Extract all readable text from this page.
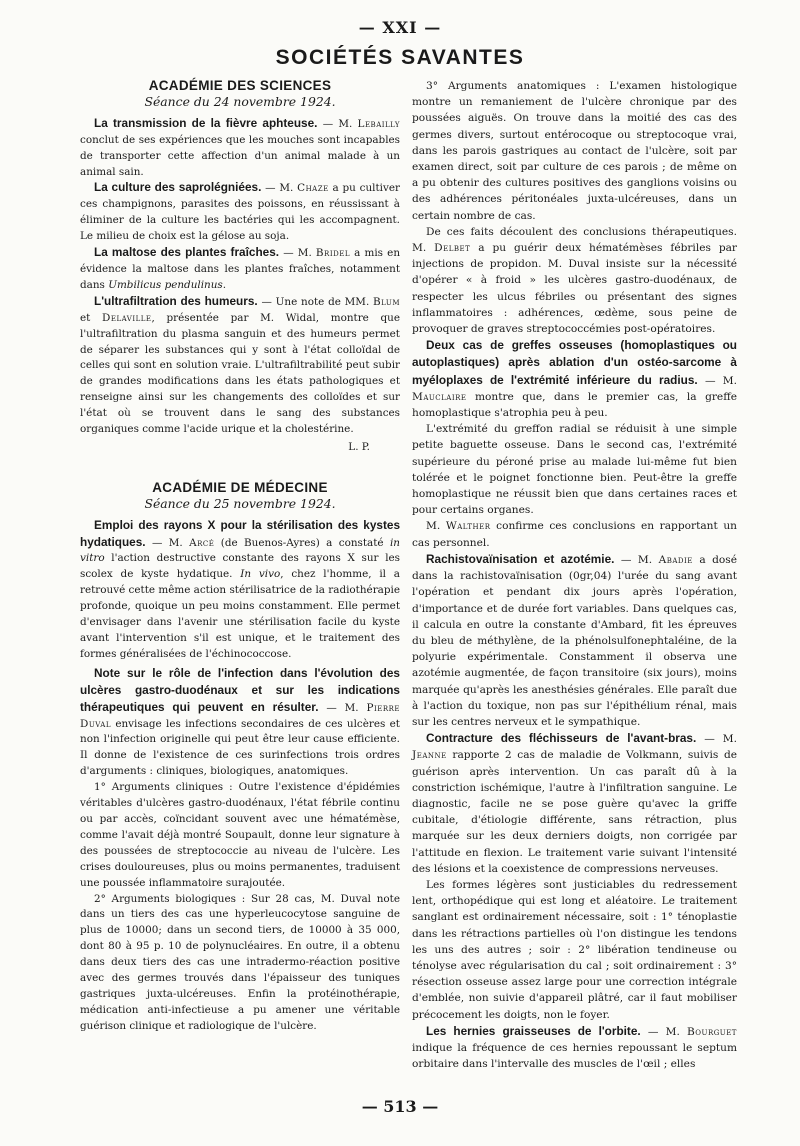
— XXI —
SOCIÉTÉS SAVANTES
ACADÉMIE DES SCIENCES
Séance du 24 novembre 1924.

La transmission de la fièvre aphteuse. — M. Lebailly conclut de ses expériences que les mouches sont incapables de transporter cette affection d'un animal malade à un animal sain.

La culture des saprolégniées. — M. Chaze a pu cultiver ces champignons, parasites des poissons, en réussissant à éliminer de la culture les bactéries qui les accompagnent. Le milieu de choix est la gélose au soja.

La maltose des plantes fraîches. — M. Bridel a mis en évidence la maltose dans les plantes fraîches, notamment dans Umbilicus pendulinus.

L'ultrafiltration des humeurs. — Une note de MM. Blum et Delaville, présentée par M. Widal, montre que l'ultrafiltration du plasma sanguin et des humeurs permet de séparer les substances qui y sont à l'état colloïdal de celles qui sont en solution vraie. L'ultrafiltrabilité peut subir de grandes modifications dans les états pathologiques et renseigne ainsi sur les changements des colloïdes et sur l'état où se trouvent dans le sang des substances organiques comme l'acide urique et la cholestérine.

L. P.

ACADÉMIE DE MÉDECINE
Séance du 25 novembre 1924.

Emploi des rayons X pour la stérilisation des kystes hydatiques. — M. Arcé (de Buenos-Ayres) a constaté in vitro l'action destructive constante des rayons X sur les scolex de kyste hydatique. In vivo, chez l'homme, il a retrouvé cette même action stérilisatrice de la radiothérapie profonde, quoique un peu moins constamment. Elle permet d'envisager dans l'avenir une stérilisation facile du kyste avant l'intervention s'il est unique, et le traitement des formes généralisées de l'échinococcose.

Note sur le rôle de l'infection dans l'évolution des ulcères gastro-duodénaux et sur les indications thérapeutiques qui peuvent en résulter. — M. Pierre Duval envisage les infections secondaires de ces ulcères et non l'infection originelle qui peut être leur cause efficiente. Il donne de l'existence de ces surinfections trois ordres d'arguments : cliniques, biologiques, anatomiques.

1° Arguments cliniques : Outre l'existence d'épidémies véritables d'ulcères gastro-duodénaux, l'état fébrile continu ou par accès, coïncidant souvent avec une hématémèse, comme l'avait déjà montré Soupault, donne leur signature à des poussées de streptococcie au niveau de l'ulcère. Les crises douloureuses, plus ou moins permanentes, traduisent une poussée inflammatoire surajoutée.

2° Arguments biologiques : Sur 28 cas, M. Duval note dans un tiers des cas une hyperleucocytose sanguine de plus de 10000; dans un second tiers, de 10000 à 35 000, dont 80 à 95 p. 10 de polynucléaires. En outre, il a obtenu dans deux tiers des cas une intradermo-réaction positive avec des germes trouvés dans l'épaisseur des tuniques gastriques juxta-ulcéreuses. Enfin la protéinothérapie, médication anti-infectieuse a pu amener une véritable guérison clinique et radiologique de l'ulcère.

3° Arguments anatomiques : L'examen histologique montre un remaniement de l'ulcère chronique par des poussées aiguës. On trouve dans la moitié des cas des germes divers, surtout entérocoque ou streptocoque vrai, dans les parois gastriques au contact de l'ulcère, soit par examen direct, soit par culture de ces parois ; de même on a pu obtenir des cultures positives des ganglions voisins ou des adhérences péritonéales juxta-ulcéreuses, dans un certain nombre de cas.

De ces faits découlent des conclusions thérapeutiques. M. Delbet a pu guérir deux hématémèses fébriles par injections de propidon. M. Duval insiste sur la nécessité d'opérer « à froid » les ulcères gastro-duodénaux, de respecter les ulcus fébriles ou présentant des signes inflammatoires : adhérences, œdème, sous peine de provoquer de graves streptococcémies post-opératoires.

Deux cas de greffes osseuses (homoplastiques ou autoplastiques) après ablation d'un ostéo-sarcome à myéloplaxes de l'extrémité inférieure du radius. — M. Mauclaire montre que, dans le premier cas, la greffe homoplastique s'atrophia peu à peu.

L'extrémité du greffon radial se réduisit à une simple petite baguette osseuse. Dans le second cas, l'extrémité supérieure du péroné prise au malade lui-même fut bien tolérée et le poignet fonctionne bien. Peut-être la greffe homoplastique ne réussit bien que dans certaines races et pour certains organes.

M. Walther confirme ces conclusions en rapportant un cas personnel.

Rachistovaïnisation et azotémie. — M. Abadie a dosé dans la rachistovaïnisation (0gr,04) l'urée du sang avant l'opération et pendant dix jours après l'opération, d'importance et de durée fort variables. Dans quelques cas, il calcula en outre la constante d'Ambard, fit les épreuves du bleu de méthylène, de la phénolsulfonephtaléine, de la polyurie expérimentale. Constamment il observa une azotémie augmentée, de façon transitoire (six jours), moins marquée qu'après les anesthésies générales. Elle paraît due à l'action du toxique, non pas sur l'épithélium rénal, mais sur les centres nerveux et le sympathique.

Contracture des fléchisseurs de l'avant-bras. — M. Jeanne rapporte 2 cas de maladie de Volkmann, suivis de guérison après intervention. Un cas paraît dû à la constriction ischémique, l'autre à l'infiltration sanguine. Le diagnostic, facile ne se pose guère qu'avec la griffe cubitale, d'étiologie différente, sans rétraction, plus marquée sur les deux derniers doigts, non corrigée par l'attitude en flexion. Le traitement varie suivant l'intensité des lésions et la coexistence de compressions nerveuses.

Les formes légères sont justiciables du redressement lent, orthopédique qui est long et aléatoire. Le traitement sanglant est ordinairement nécessaire, soit : 1° ténoplastie dans les rétractions partielles où l'on distingue les tendons les uns des autres ; soir : 2° libération tendineuse ou ténolyse avec régularisation du cal ; soit ordinairement : 3° résection osseuse assez large pour une correction intégrale d'emblée, non suivie d'appareil plâtré, car il faut mobiliser précocement les doigts, non le foyer.

Les hernies graisseuses de l'orbite. — M. Bourguet indique la fréquence de ces hernies repoussant le septum orbitaire dans l'intervalle des muscles de l'œil ; elles

— 513 —
